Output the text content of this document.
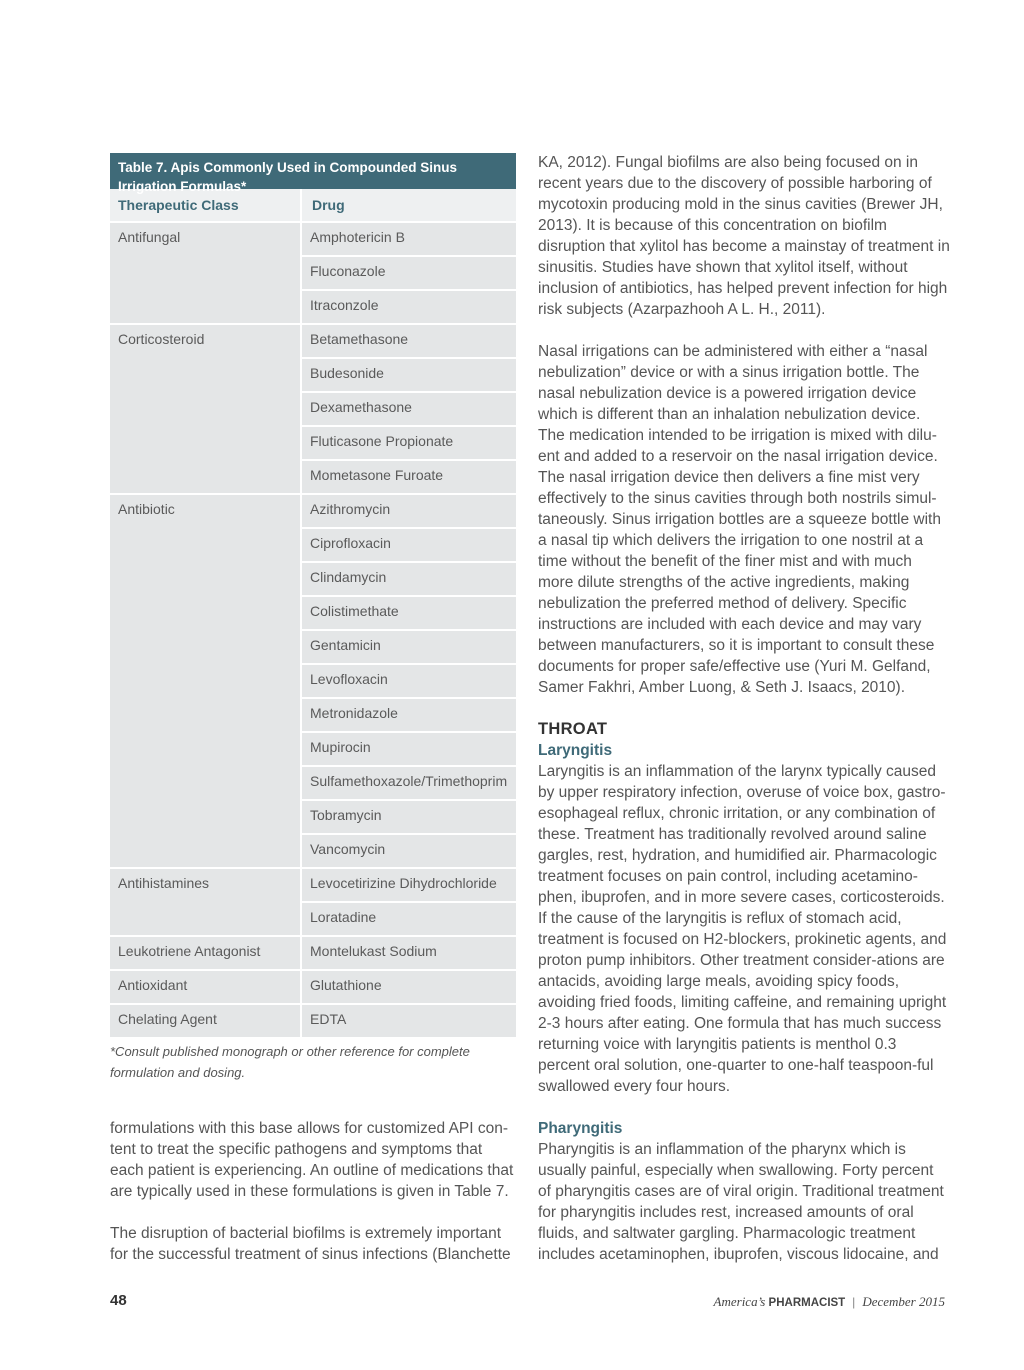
Table 7. Apis Commonly Used in Compounded Sinus Irrigation Formulas*
Therapeutic Class	Drug
Antifungal	Amphotericin B
Fluconazole
Itraconzole
Corticosteroid	Betamethasone
Budesonide
Dexamethasone
Fluticasone Propionate
Mometasone Furoate
Antibiotic	Azithromycin
Ciprofloxacin
Clindamycin
Colistimethate
Gentamicin
Levofloxacin
Metronidazole
Mupirocin
Sulfamethoxazole/Trimethoprim
Tobramycin
Vancomycin
Antihistamines	Levocetirizine Dihydrochloride
Loratadine
Leukotriene Antagonist	Montelukast Sodium
Antioxidant	Glutathione
Chelating Agent	EDTA
*Consult published monograph or other reference for complete formulation and dosing.

formulations with this base allows for customized API con-tent to treat the specific pathogens and symptoms that each patient is experiencing. An outline of medications that are typically used in these formulations is given in Table 7.

The disruption of bacterial biofilms is extremely important for the successful treatment of sinus infections (Blanchette

KA, 2012). Fungal biofilms are also being focused on in recent years due to the discovery of possible harboring of mycotoxin producing mold in the sinus cavities (Brewer JH, 2013). It is because of this concentration on biofilm disruption that xylitol has become a mainstay of treatment in sinusitis. Studies have shown that xylitol itself, without inclusion of antibiotics, has helped prevent infection for high risk subjects (Azarpazhooh A L. H., 2011).

Nasal irrigations can be administered with either a “nasal nebulization” device or with a sinus irrigation bottle. The nasal nebulization device is a powered irrigation device which is different than an inhalation nebulization device. The medication intended to be irrigation is mixed with dilu-ent and added to a reservoir on the nasal irrigation device. The nasal irrigation device then delivers a fine mist very effectively to the sinus cavities through both nostrils simul-taneously. Sinus irrigation bottles are a squeeze bottle with a nasal tip which delivers the irrigation to one nostril at a time without the benefit of the finer mist and with much more dilute strengths of the active ingredients, making nebulization the preferred method of delivery. Specific instructions are included with each device and may vary between manufacturers, so it is important to consult these documents for proper safe/effective use (Yuri M. Gelfand, Samer Fakhri, Amber Luong, & Seth J. Isaacs, 2010).

THROAT
Laryngitis

Laryngitis is an inflammation of the larynx typically caused by upper respiratory infection, overuse of voice box, gastro-esophageal reflux, chronic irritation, or any combination of these. Treatment has traditionally revolved around saline gargles, rest, hydration, and humidified air. Pharmacologic treatment focuses on pain control, including acetamino-phen, ibuprofen, and in more severe cases, corticosteroids. If the cause of the laryngitis is reflux of stomach acid, treatment is focused on H2-blockers, prokinetic agents, and proton pump inhibitors. Other treatment consider-ations are antacids, avoiding large meals, avoiding spicy foods, avoiding fried foods, limiting caffeine, and remaining upright 2-3 hours after eating. One formula that has much success returning voice with laryngitis patients is menthol 0.3 percent oral solution, one-quarter to one-half teaspoon-ful swallowed every four hours.

Pharyngitis

Pharyngitis is an inflammation of the pharynx which is usually painful, especially when swallowing. Forty percent of pharyngitis cases are of viral origin. Traditional treatment for pharyngitis includes rest, increased amounts of oral fluids, and saltwater gargling. Pharmacologic treatment includes acetaminophen, ibuprofen, viscous lidocaine, and

48	America’s PHARMACIST | December 2015
